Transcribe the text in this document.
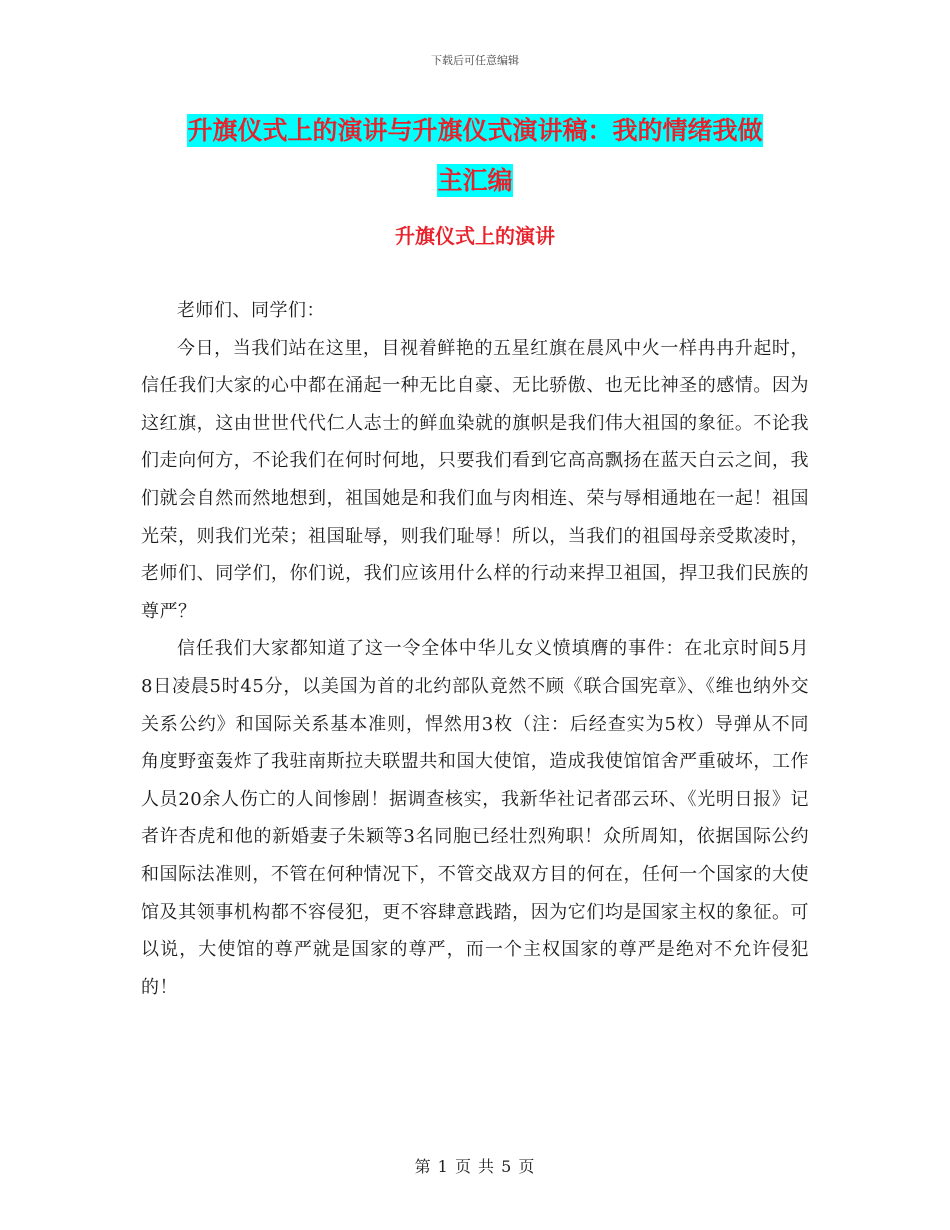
下载后可任意编辑
升旗仪式上的演讲与升旗仪式演讲稿：我的情绪我做
主汇编
升旗仪式上的演讲

老师们、同学们：

今日，当我们站在这里，目视着鲜艳的五星红旗在晨风中火一样冉冉升起时，信任我们大家的心中都在涌起一种无比自豪、无比骄傲、也无比神圣的感情。因为这红旗，这由世世代代仁人志士的鲜血染就的旗帜是我们伟大祖国的象征。不论我们走向何方，不论我们在何时何地，只要我们看到它高高飘扬在蓝天白云之间，我们就会自然而然地想到，祖国她是和我们血与肉相连、荣与辱相通地在一起！祖国光荣，则我们光荣；祖国耻辱，则我们耻辱！所以，当我们的祖国母亲受欺凌时，老师们、同学们，你们说，我们应该用什么样的行动来捍卫祖国，捍卫我们民族的尊严？

信任我们大家都知道了这一令全体中华儿女义愤填膺的事件：在北京时间5月8日凌晨5时45分，以美国为首的北约部队竟然不顾《联合国宪章》、《维也纳外交关系公约》和国际关系基本准则，悍然用3枚（注：后经查实为5枚）导弹从不同角度野蛮轰炸了我驻南斯拉夫联盟共和国大使馆，造成我使馆馆舍严重破坏，工作人员20余人伤亡的人间惨剧！据调查核实，我新华社记者邵云环、《光明日报》记者许杏虎和他的新婚妻子朱颖等3名同胞已经壮烈殉职！众所周知，依据国际公约和国际法准则，不管在何种情况下，不管交战双方目的何在，任何一个国家的大使馆及其领事机构都不容侵犯，更不容肆意践踏，因为它们均是国家主权的象征。可以说，大使馆的尊严就是国家的尊严，而一个主权国家的尊严是绝对不允许侵犯的！

第 1 页 共 5 页
